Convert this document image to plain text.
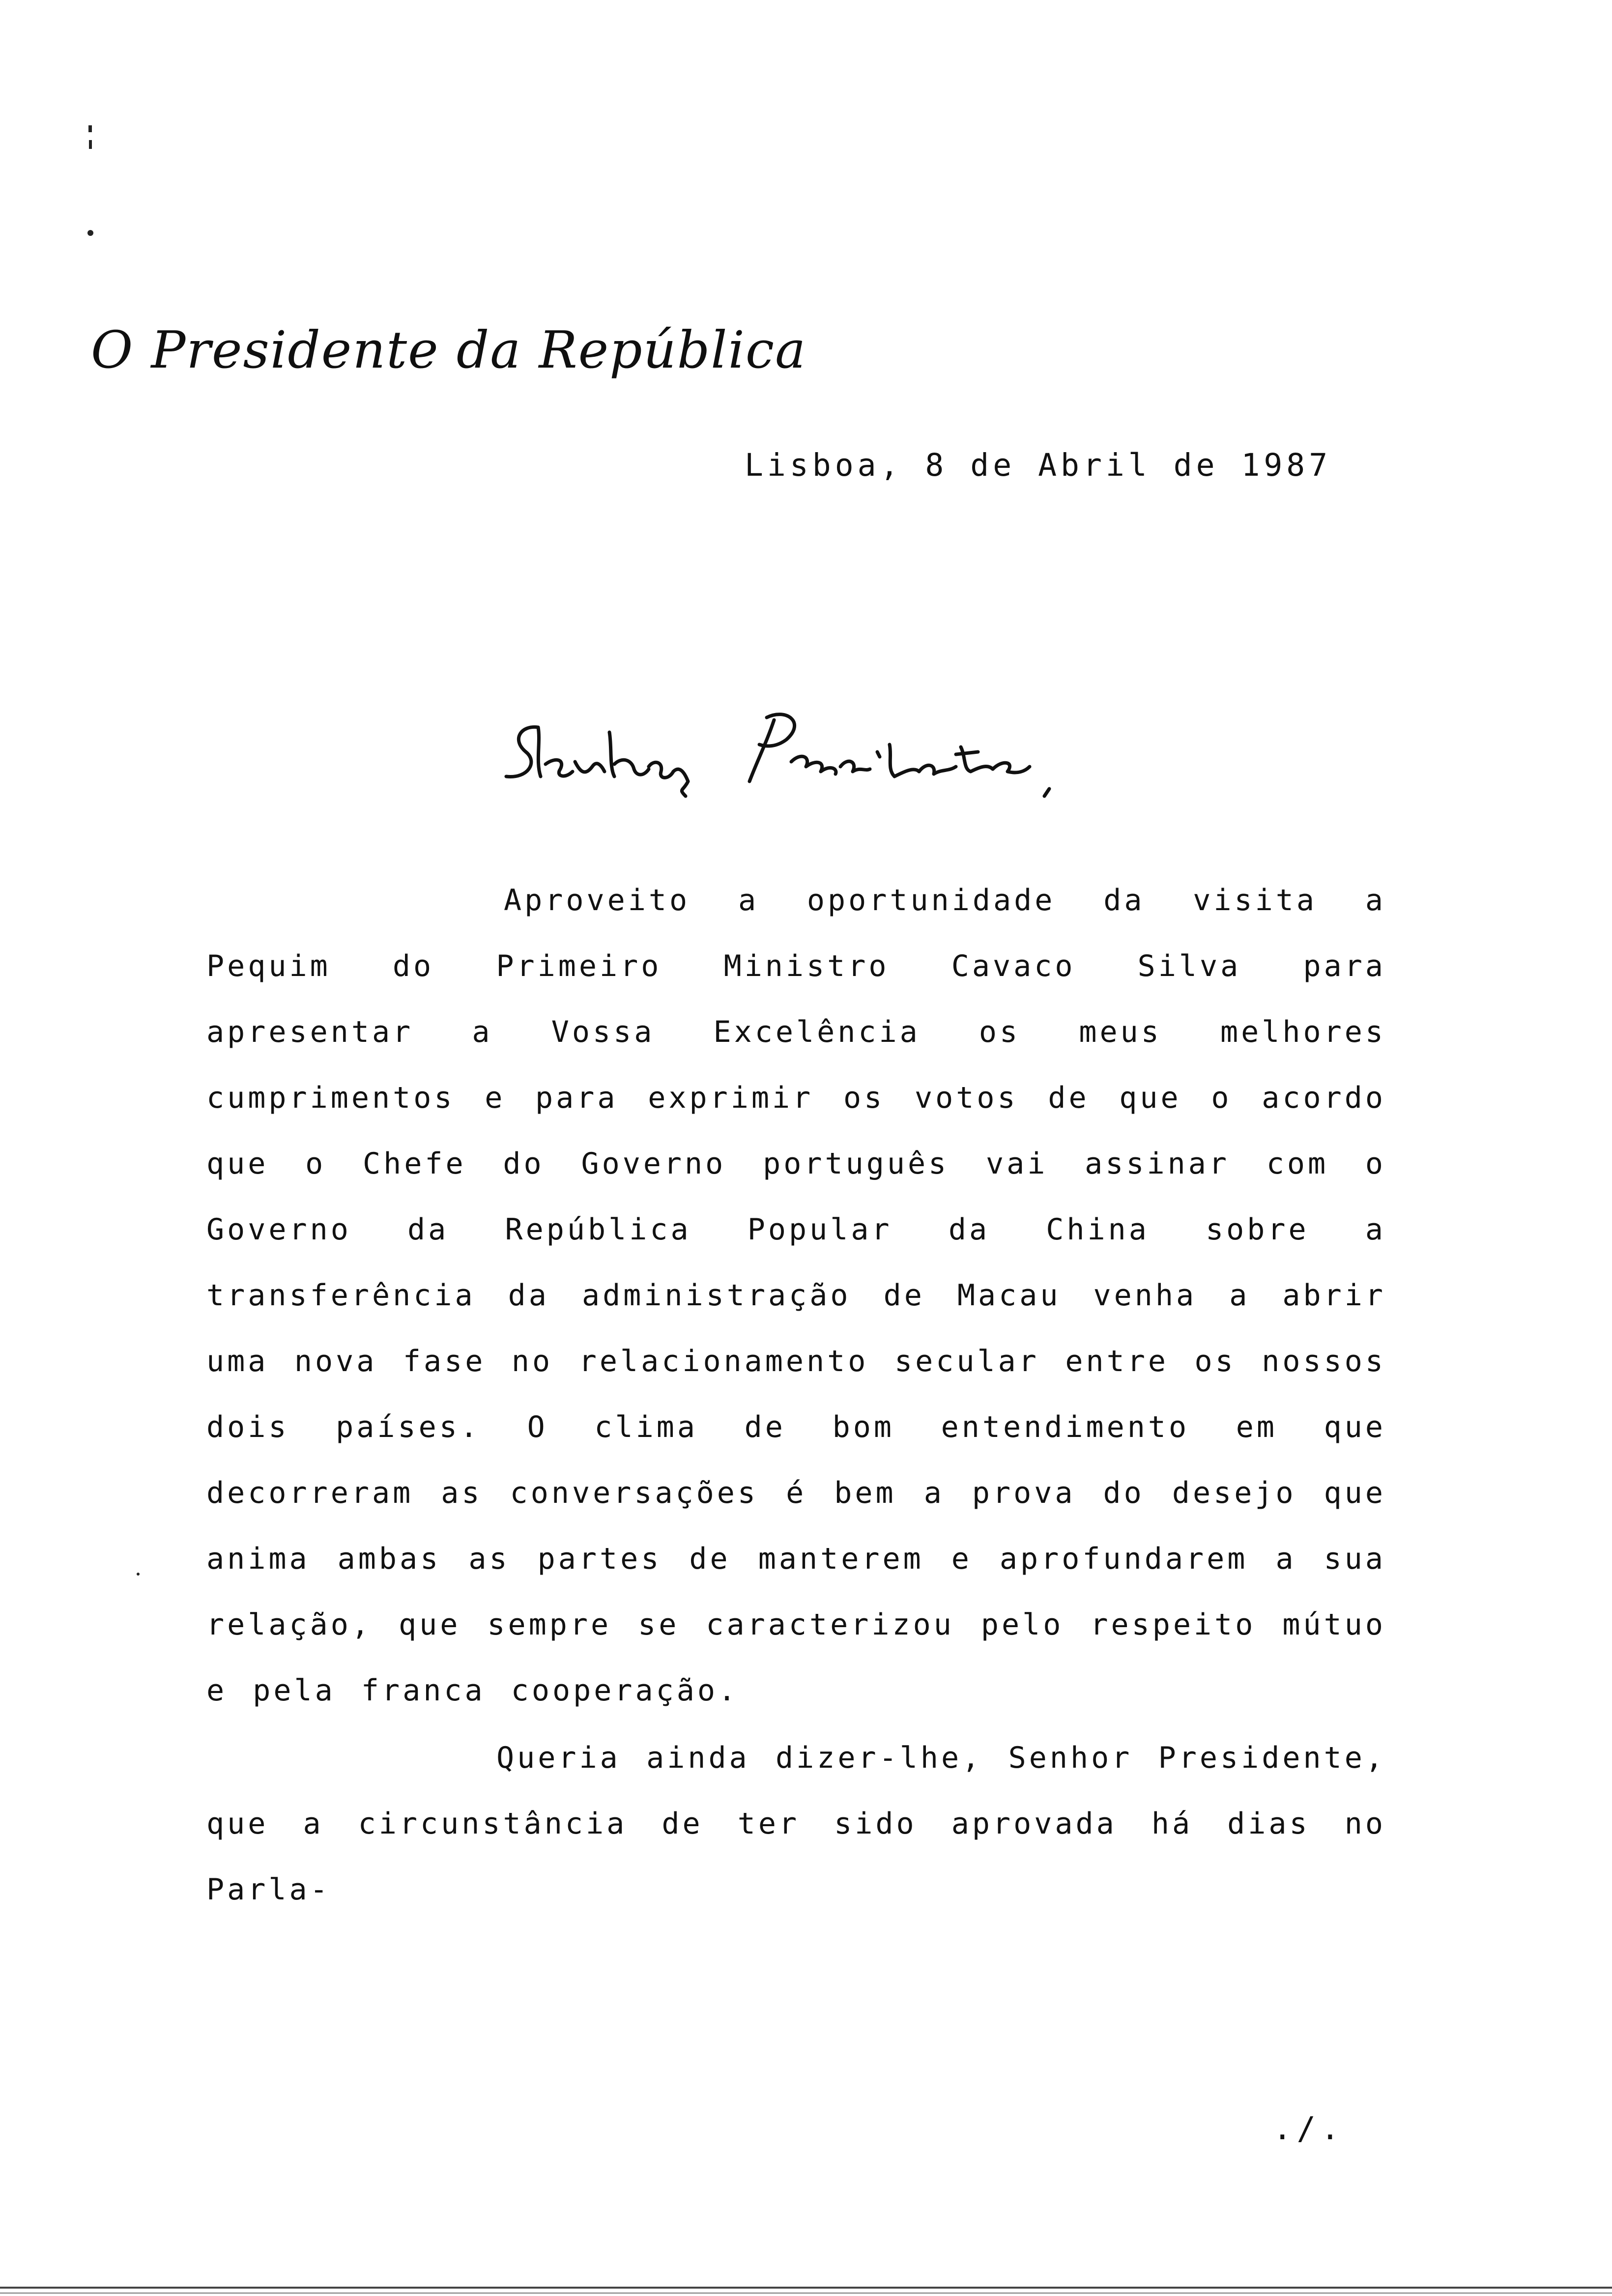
O Presidente da República
Lisboa, 8 de Abril de 1987

Aproveito a oportunidade da visita a Pequim do Primeiro Ministro Cavaco Silva para apresentar a Vossa Excelência os meus melhores cumprimentos e para exprimir os votos de que o acordo que o Chefe do Governo português vai assinar com o Governo da República Popular da China sobre a transferência da administração de Macau venha a abrir uma nova fase no relacionamento secular entre os nossos dois países. O clima de bom entendimento em que decorreram as conversações é bem a prova do desejo que anima ambas as partes de manterem e aprofundarem a sua relação, que sempre se caracterizou pelo respeito mútuo e pela franca cooperação.

Queria ainda dizer-lhe, Senhor Presidente, que a circunstância de ter sido aprovada há dias no Parla-

./.
